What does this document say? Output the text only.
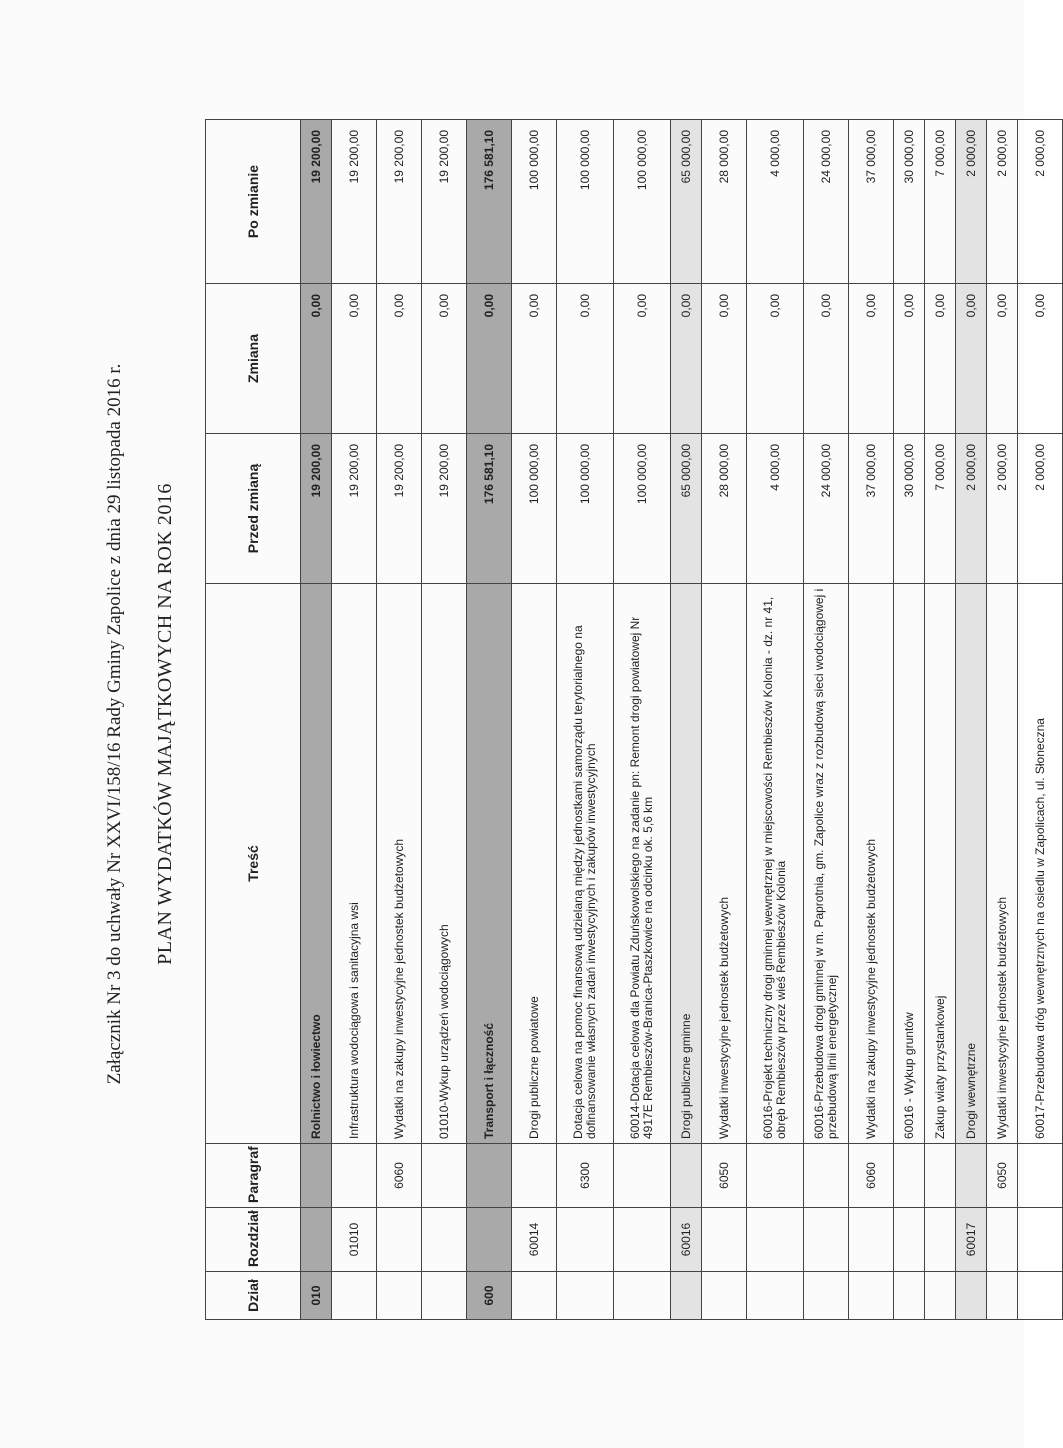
Załącznik Nr 3 do uchwały Nr XXVI/158/16 Rady Gminy Zapolice z dnia 29 listopada 2016 r. PLAN WYDATKÓW MAJĄTKOWYCH NA ROK 2016
Dział	Rozdział	Paragraf	Treść	Przed zmianą	Zmiana	Po zmianie
010			Rolnictwo i łowiectwo	19 200,00	0,00	19 200,00
	01010		Infrastruktura wodociągowa i sanitacyjna wsi	19 200,00	0,00	19 200,00
		6060	Wydatki na zakupy inwestycyjne jednostek budżetowych	19 200,00	0,00	19 200,00
			01010-Wykup urządzeń wodociągowych	19 200,00	0,00	19 200,00
600			Transport i łączność	176 581,10	0,00	176 581,10
	60014		Drogi publiczne powiatowe	100 000,00	0,00	100 000,00
		6300	Dotacja celowa na pomoc finansową udzielaną między jednostkami samorządu terytorialnego na dofinansowanie własnych zadań inwestycyjnych i zakupów inwestycyjnych	100 000,00	0,00	100 000,00
			60014-Dotacja celowa dla Powiatu Zduńskowolskiego na zadanie pn: Remont drogi powiatowej Nr 4917E Rembieszów-Branica-Ptaszkowice na odcinku ok. 5,6 km	100 000,00	0,00	100 000,00
	60016		Drogi publiczne gminne	65 000,00	0,00	65 000,00
		6050	Wydatki inwestycyjne jednostek budżetowych	28 000,00	0,00	28 000,00
			60016-Projekt techniczny drogi gminnej wewnętrznej w miejscowości Rembieszów Kolonia - dz. nr 41, obręb Rembieszów przez wieś Rembieszów Kolonia	4 000,00	0,00	4 000,00
			60016-Przebudowa drogi gminnej w m. Paprotnia, gm. Zapolice wraz z rozbudową sieci wodociągowej i przebudową linii energetycznej	24 000,00	0,00	24 000,00
		6060	Wydatki na zakupy inwestycyjne jednostek budżetowych	37 000,00	0,00	37 000,00
			60016 - Wykup gruntów	30 000,00	0,00	30 000,00
			Zakup wiaty przystankowej	7 000,00	0,00	7 000,00
	60017		Drogi wewnętrzne	2 000,00	0,00	2 000,00
		6050	Wydatki inwestycyjne jednostek budżetowych	2 000,00	0,00	2 000,00
			60017-Przebudowa dróg wewnętrznych na osiedlu w Zapolicach, ul. Słoneczna	2 000,00	0,00	2 000,00
